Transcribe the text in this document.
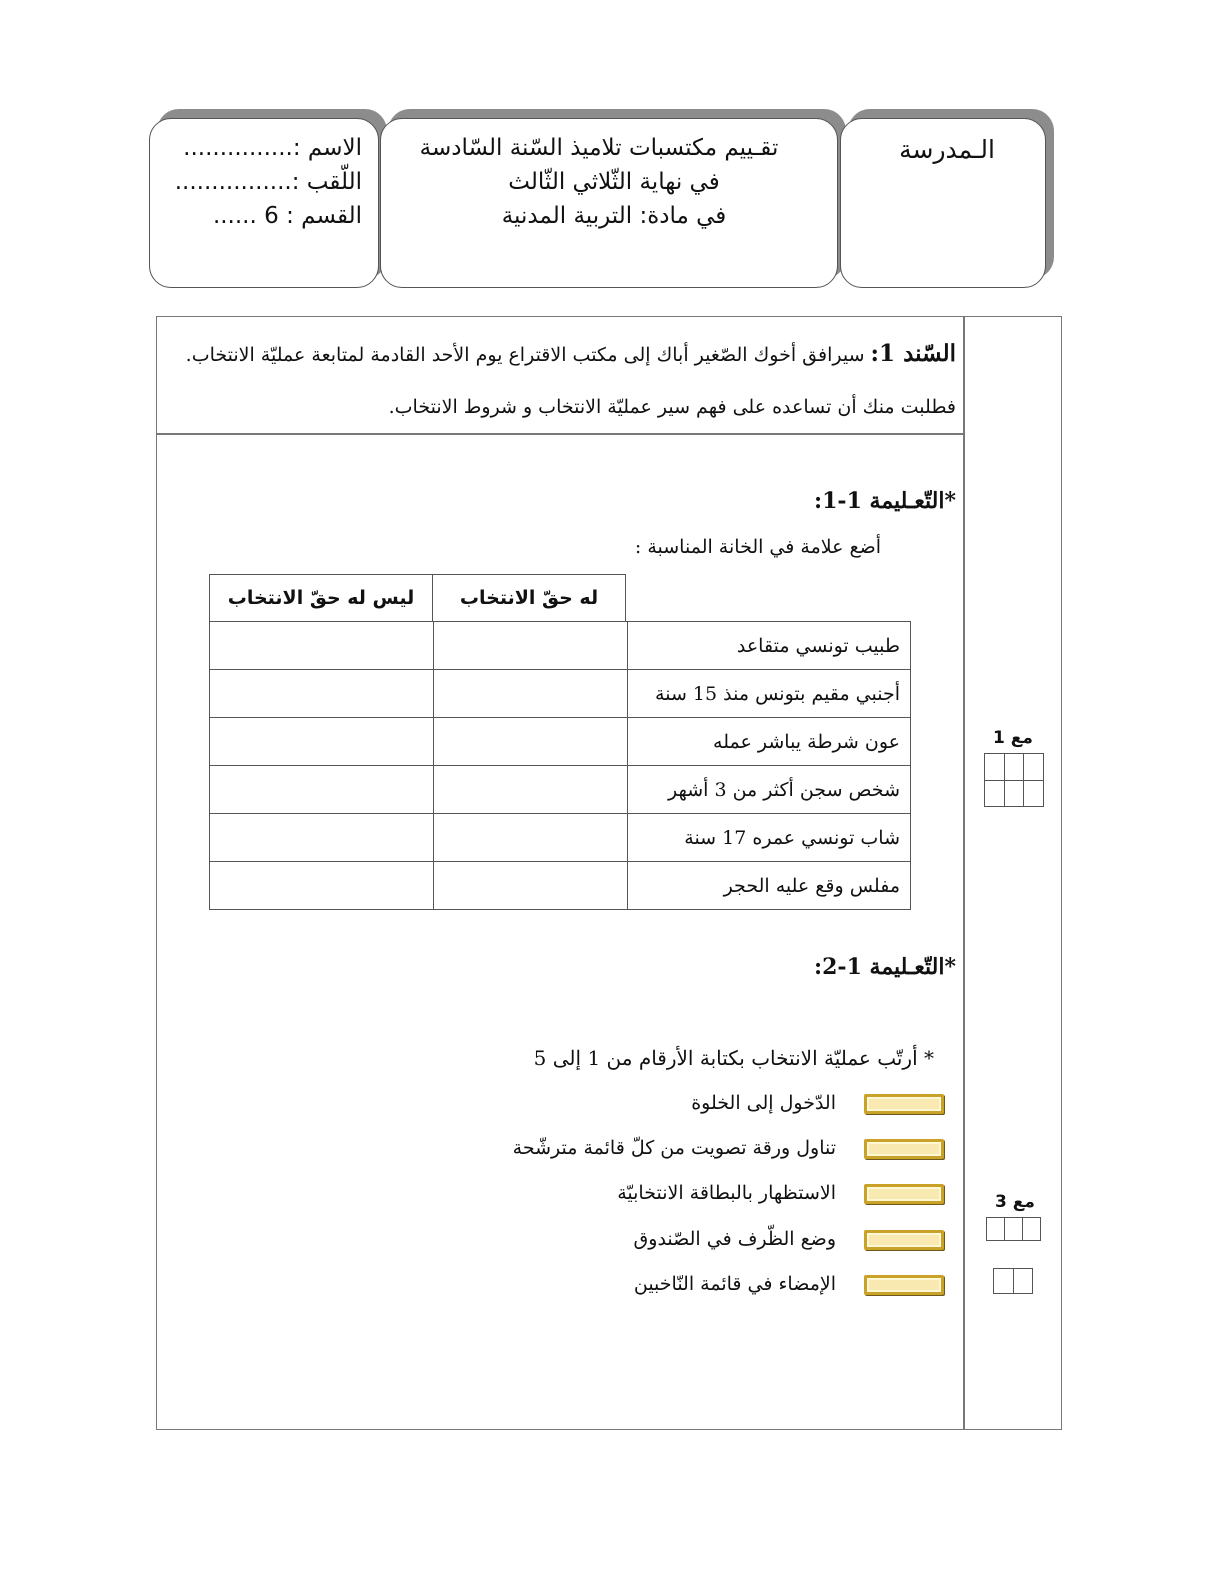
الاسم :...............
اللّقب :................
القسم : 6 ......
تقـييم مكتسبات تلاميذ السّنة السّادسة
في نهاية الثّلاثي الثّالث
في مادة: التربية المدنية
الـمدرسة
السّند 1: سيرافق أخوك الصّغير أباك إلى مكتب الاقتراع يوم الأحد القادمة لمتابعة عمليّة الانتخاب.
فطلبت منك أن تساعده على فهم سير عمليّة الانتخاب و شروط الانتخاب.
*التّعـليمة 1-1:
أضع علامة في الخانة المناسبة :
ليس له حقّ الانتخاب	له حقّ الانتخاب
		طبيب تونسي متقاعد
		أجنبي مقيم بتونس منذ 15 سنة
		عون شرطة يباشر عمله
		شخص سجن أكثر من 3 أشهر
		شاب تونسي عمره 17 سنة
		مفلس وقع عليه الحجر
مع 1

*التّعـليمة 1-2:
* أرتّب عمليّة الانتخاب بكتابة الأرقام من 1 إلى 5
الدّخول إلى الخلوة
تناول ورقة تصويت من كلّ قائمة مترشّحة
الاستظهار بالبطاقة الانتخابيّة
وضع الظّرف في الصّندوق
الإمضاء في قائمة النّاخبين
مع 3
